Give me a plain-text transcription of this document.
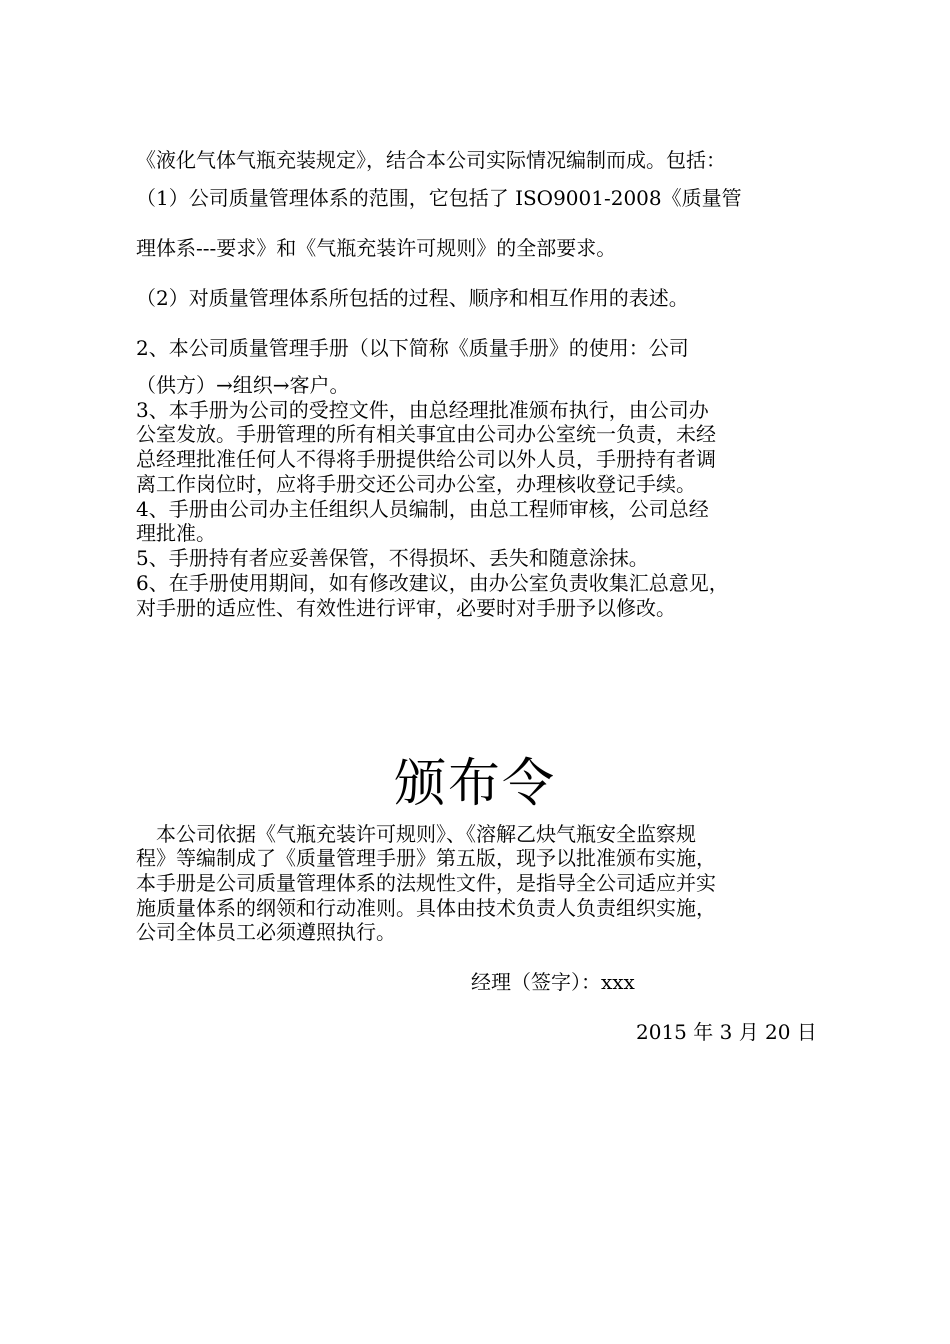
《液化气体气瓶充装规定》，结合本公司实际情况编制而成。包括：
（1）公司质量管理体系的范围，它包括了 ISO9001-2008《质量管
理体系---要求》和《气瓶充装许可规则》的全部要求。
（2）对质量管理体系所包括的过程、顺序和相互作用的表述。
2、本公司质量管理手册（以下简称《质量手册》的使用：公司
（供方）→组织→客户。
3、本手册为公司的受控文件，由总经理批准颁布执行，由公司办
公室发放。手册管理的所有相关事宜由公司办公室统一负责，未经
总经理批准任何人不得将手册提供给公司以外人员，手册持有者调
离工作岗位时，应将手册交还公司办公室，办理核收登记手续。
4、手册由公司办主任组织人员编制，由总工程师审核，公司总经
理批准。
5、手册持有者应妥善保管，不得损坏、丢失和随意涂抹。
6、在手册使用期间，如有修改建议，由办公室负责收集汇总意见，
对手册的适应性、有效性进行评审，必要时对手册予以修改。
颁布令
　本公司依据《气瓶充装许可规则》、《溶解乙炔气瓶安全监察规
程》等编制成了《质量管理手册》第五版，现予以批准颁布实施，
本手册是公司质量管理体系的法规性文件，是指导全公司适应并实
施质量体系的纲领和行动准则。具体由技术负责人负责组织实施，
公司全体员工必须遵照执行。
经理（签字）：xxx
2015 年 3 月 20 日
